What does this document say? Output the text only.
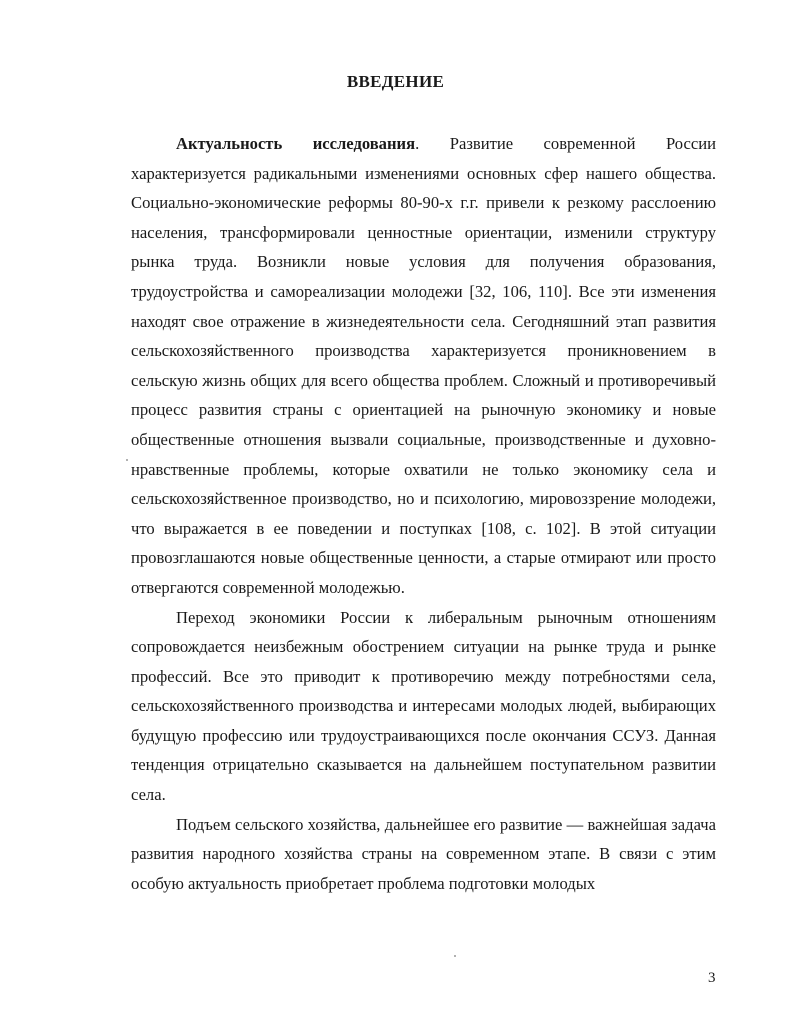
ВВЕДЕНИЕ

Актуальность исследования. Развитие современной России характеризуется радикальными изменениями основных сфер нашего общества. Социально-экономические реформы 80-90-х г.г. привели к резкому расслоению населения, трансформировали ценностные ориентации, изменили структуру рынка труда. Возникли новые условия для получения образования, трудоустройства и самореализации молодежи [32, 106, 110]. Все эти изменения находят свое отражение в жизнедеятельности села. Сегодняшний этап развития сельскохозяйственного производства характеризуется проникновением в сельскую жизнь общих для всего общества проблем. Сложный и противоречивый процесс развития страны с ориентацией на рыночную экономику и новые общественные отношения вызвали социальные, производственные и духовно-нравственные проблемы, которые охватили не только экономику села и сельскохозяйственное производство, но и психологию, мировоззрение молодежи, что выражается в ее поведении и поступках [108, с. 102]. В этой ситуации провозглашаются новые общественные ценности, а старые отмирают или просто отвергаются современной молодежью.

Переход экономики России к либеральным рыночным отношениям сопровождается неизбежным обострением ситуации на рынке труда и рынке профессий. Все это приводит к противоречию между потребностями села, сельскохозяйственного производства и интересами молодых людей, выбирающих будущую профессию или трудоустраивающихся после окончания ССУЗ. Данная тенденция отрицательно сказывается на дальнейшем поступательном развитии села.

Подъем сельского хозяйства, дальнейшее его развитие — важнейшая задача развития народного хозяйства страны на современном этапе. В связи с этим особую актуальность приобретает проблема подготовки молодых

3
